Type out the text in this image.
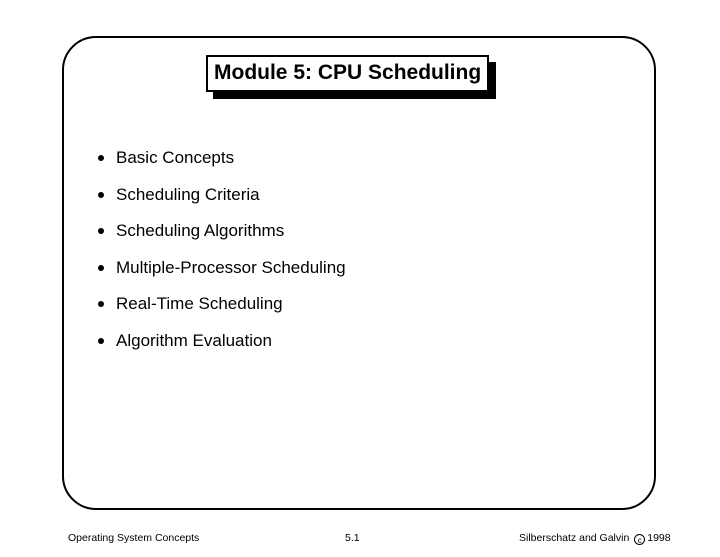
Module 5: CPU Scheduling
Basic Concepts
Scheduling Criteria
Scheduling Algorithms
Multiple-Processor Scheduling
Real-Time Scheduling
Algorithm Evaluation
Operating System Concepts	5.1	Silberschatz and Galvin c 1998
